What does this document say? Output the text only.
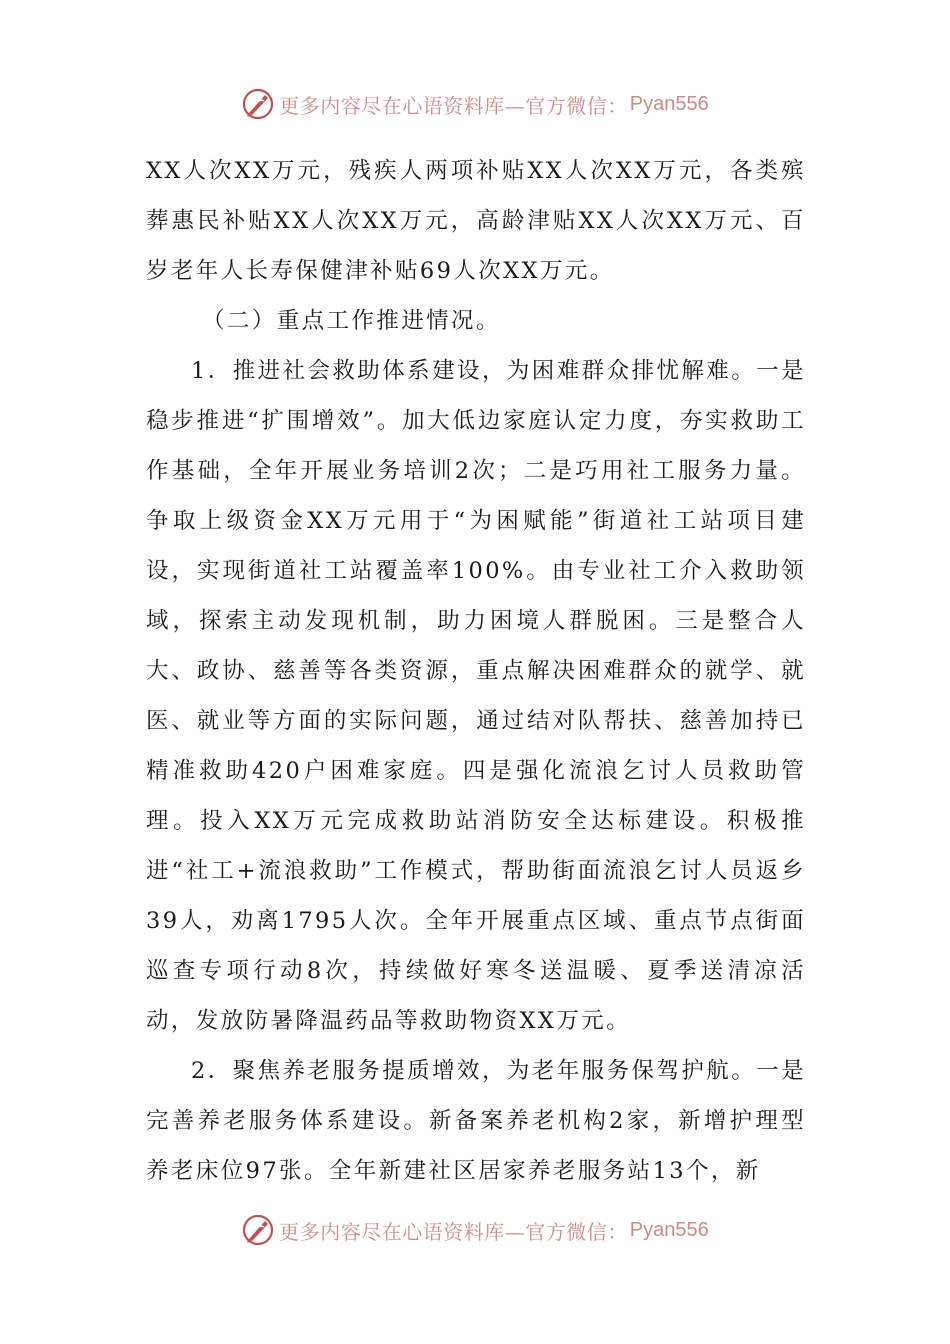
更多内容尽在心语资料库—官方微信： Pyan556

XX人次XX万元，残疾人两项补贴XX人次XX万元，各类殡葬惠民补贴XX人次XX万元，高龄津贴XX人次XX万元、百岁老年人长寿保健津补贴69人次XX万元。

（二）重点工作推进情况。

1．推进社会救助体系建设，为困难群众排忧解难。一是稳步推进“扩围增效”。加大低边家庭认定力度，夯实救助工作基础，全年开展业务培训2次；二是巧用社工服务力量。争取上级资金XX万元用于“为困赋能”街道社工站项目建设，实现街道社工站覆盖率100%。由专业社工介入救助领域，探索主动发现机制，助力困境人群脱困。三是整合人大、政协、慈善等各类资源，重点解决困难群众的就学、就医、就业等方面的实际问题，通过结对队帮扶、慈善加持已精准救助420户困难家庭。四是强化流浪乞讨人员救助管理。投入XX万元完成救助站消防安全达标建设。积极推进“社工+流浪救助”工作模式，帮助街面流浪乞讨人员返乡39人，劝离1795人次。全年开展重点区域、重点节点街面巡查专项行动8次，持续做好寒冬送温暖、夏季送清凉活动，发放防暑降温药品等救助物资XX万元。

2．聚焦养老服务提质增效，为老年服务保驾护航。一是完善养老服务体系建设。新备案养老机构2家，新增护理型养老床位97张。全年新建社区居家养老服务站13个，新

更多内容尽在心语资料库—官方微信： Pyan556
